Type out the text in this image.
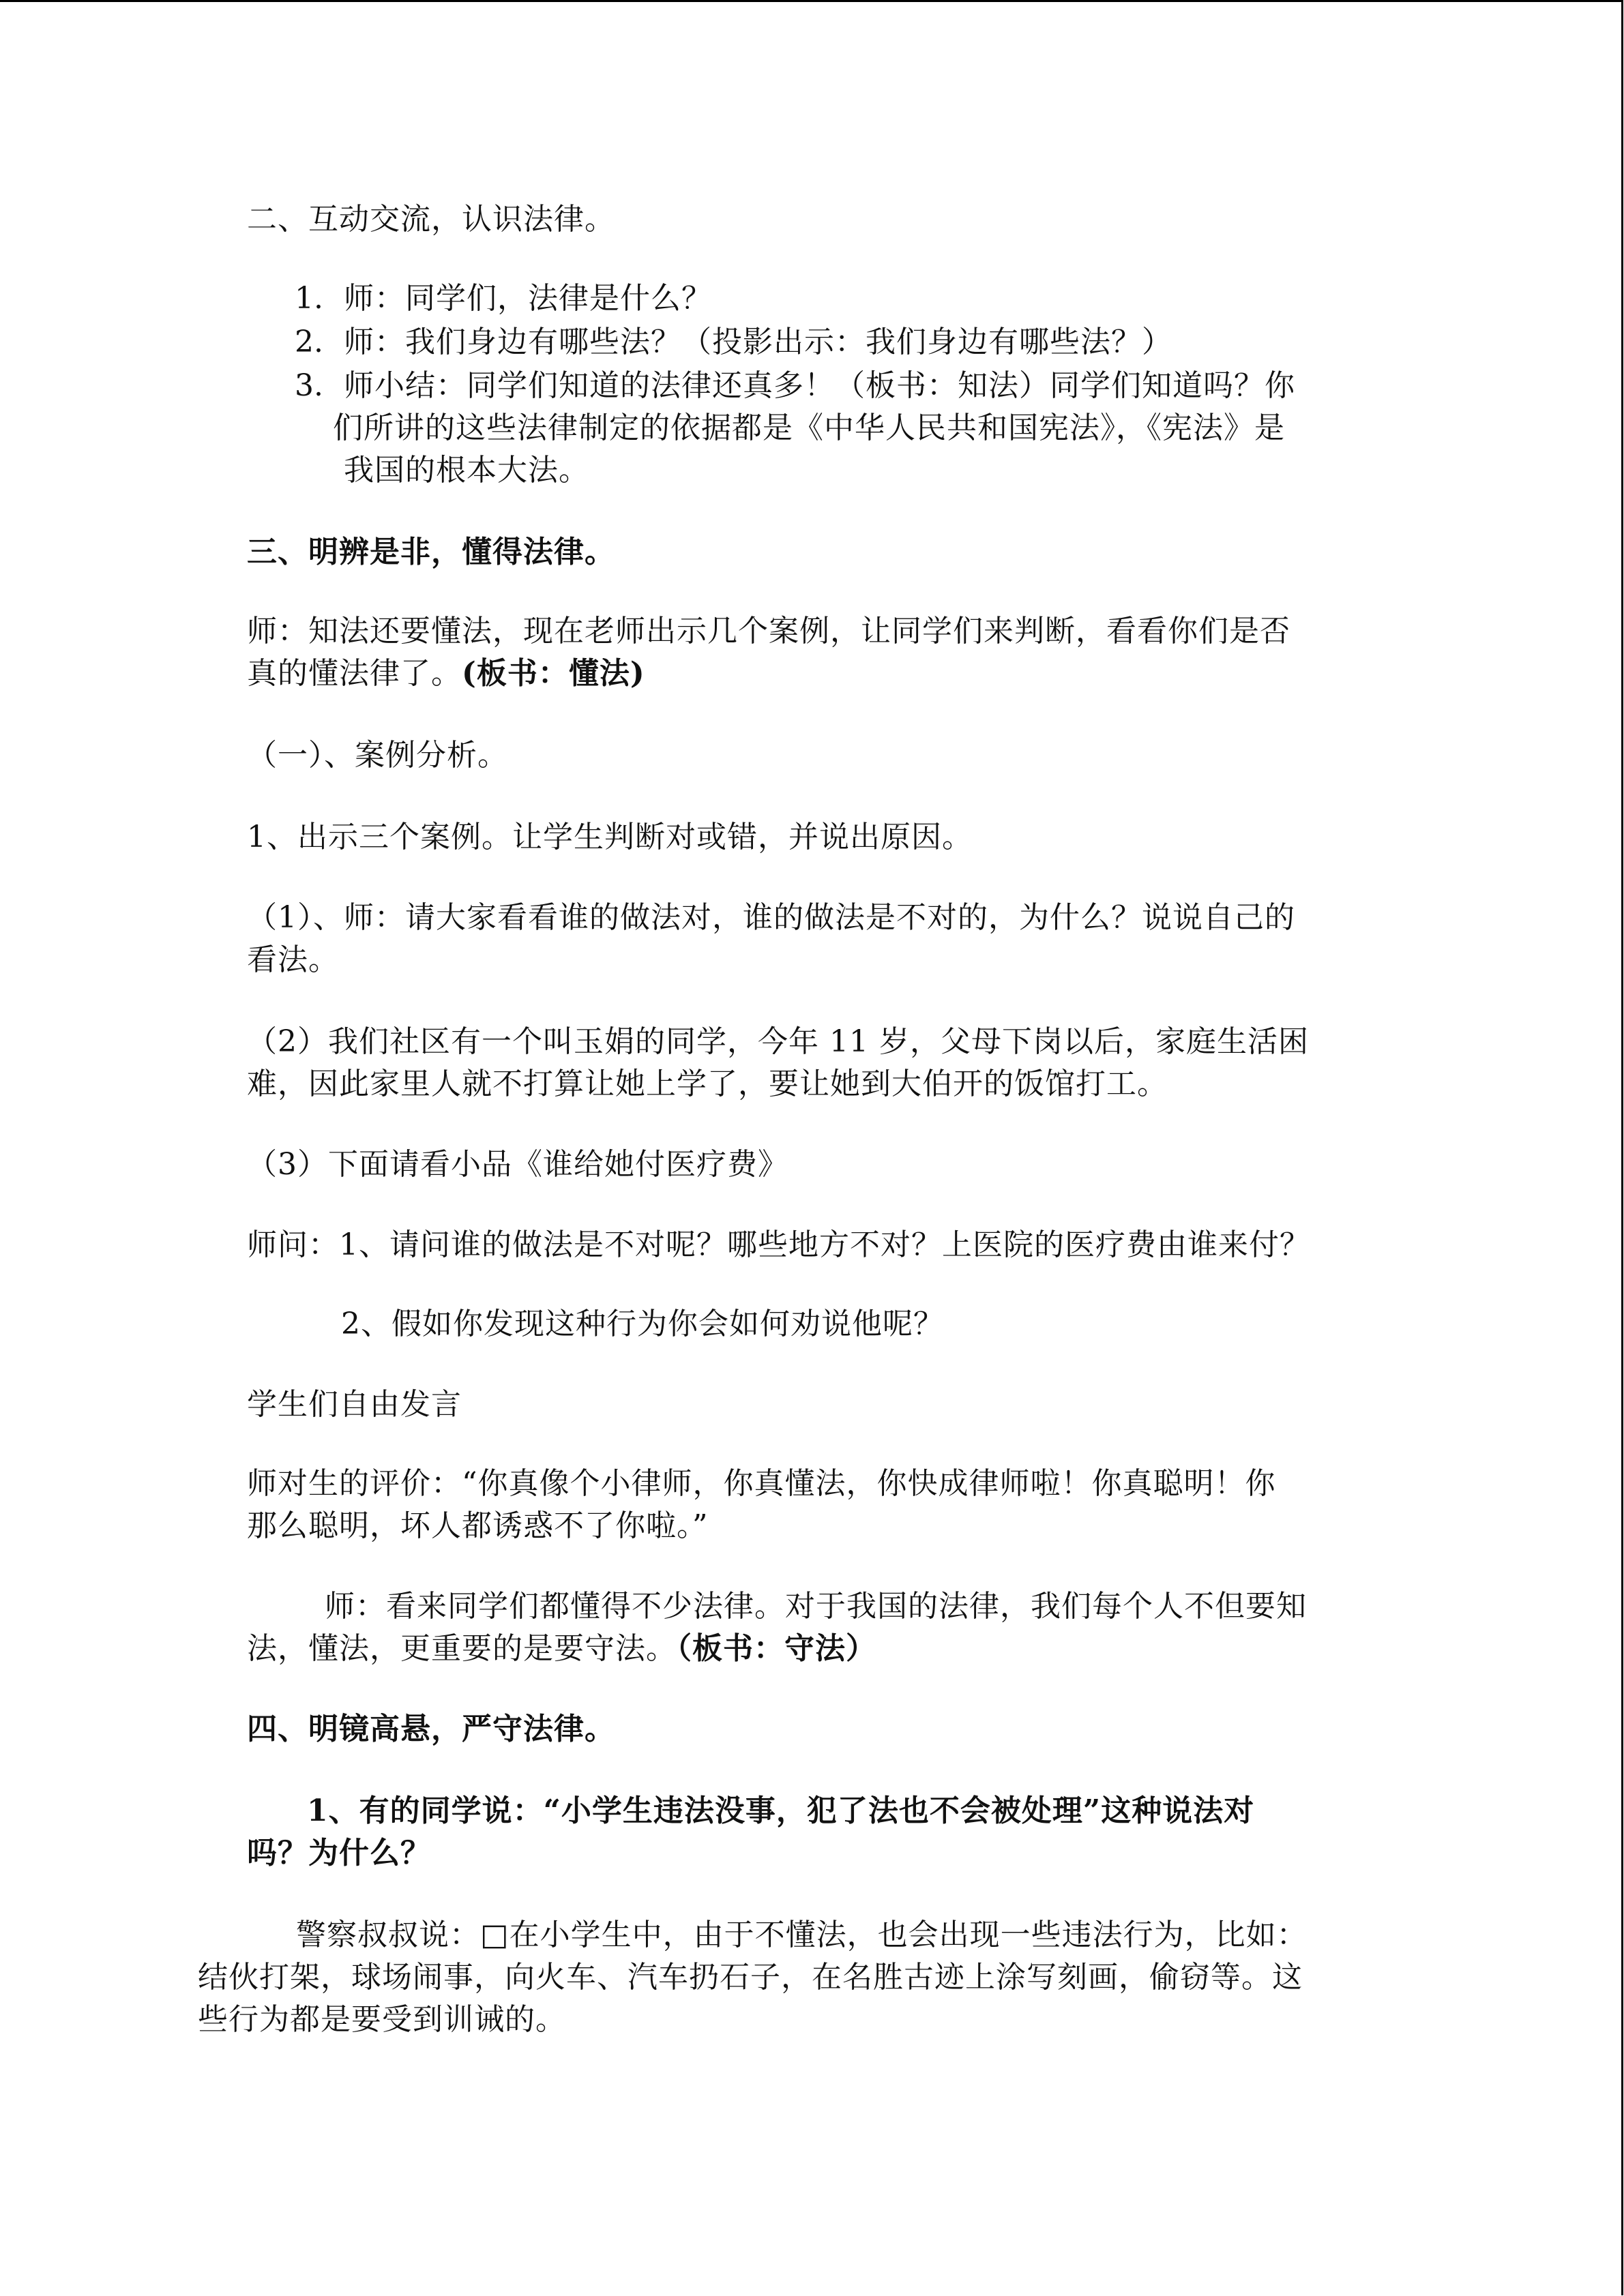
二、互动交流，认识法律。
1. 师：同学们，法律是什么？
2. 师：我们身边有哪些法？（投影出示：我们身边有哪些法？）
3. 师小结：同学们知道的法律还真多！（板书：知法）同学们知道吗？你
们所讲的这些法律制定的依据都是《中华人民共和国宪法》，《宪法》是
我国的根本大法。
三、明辨是非，懂得法律。
师：知法还要懂法，现在老师出示几个案例，让同学们来判断，看看你们是否
真的懂法律了。(板书：懂法)
（一）、案例分析。
1、出示三个案例。让学生判断对或错，并说出原因。
（1）、师：请大家看看谁的做法对，谁的做法是不对的，为什么？说说自己的
看法。
（2）我们社区有一个叫玉娟的同学，今年 11 岁，父母下岗以后，家庭生活困
难，因此家里人就不打算让她上学了，要让她到大伯开的饭馆打工。
（3）下面请看小品《谁给她付医疗费》
师问：1、请问谁的做法是不对呢？哪些地方不对？上医院的医疗费由谁来付？
2、假如你发现这种行为你会如何劝说他呢？
学生们自由发言
师对生的评价：“你真像个小律师，你真懂法，你快成律师啦！你真聪明！你
那么聪明，坏人都诱惑不了你啦。”
师：看来同学们都懂得不少法律。对于我国的法律，我们每个人不但要知
法，懂法，更重要的是要守法。（板书：守法）
四、明镜高悬，严守法律。
1、有的同学说：“小学生违法没事，犯了法也不会被处理”这种说法对
吗？为什么？
警察叔叔说：□在小学生中，由于不懂法，也会出现一些违法行为，比如：
结伙打架，球场闹事，向火车、汽车扔石子，在名胜古迹上涂写刻画，偷窃等。这
些行为都是要受到训诫的。
